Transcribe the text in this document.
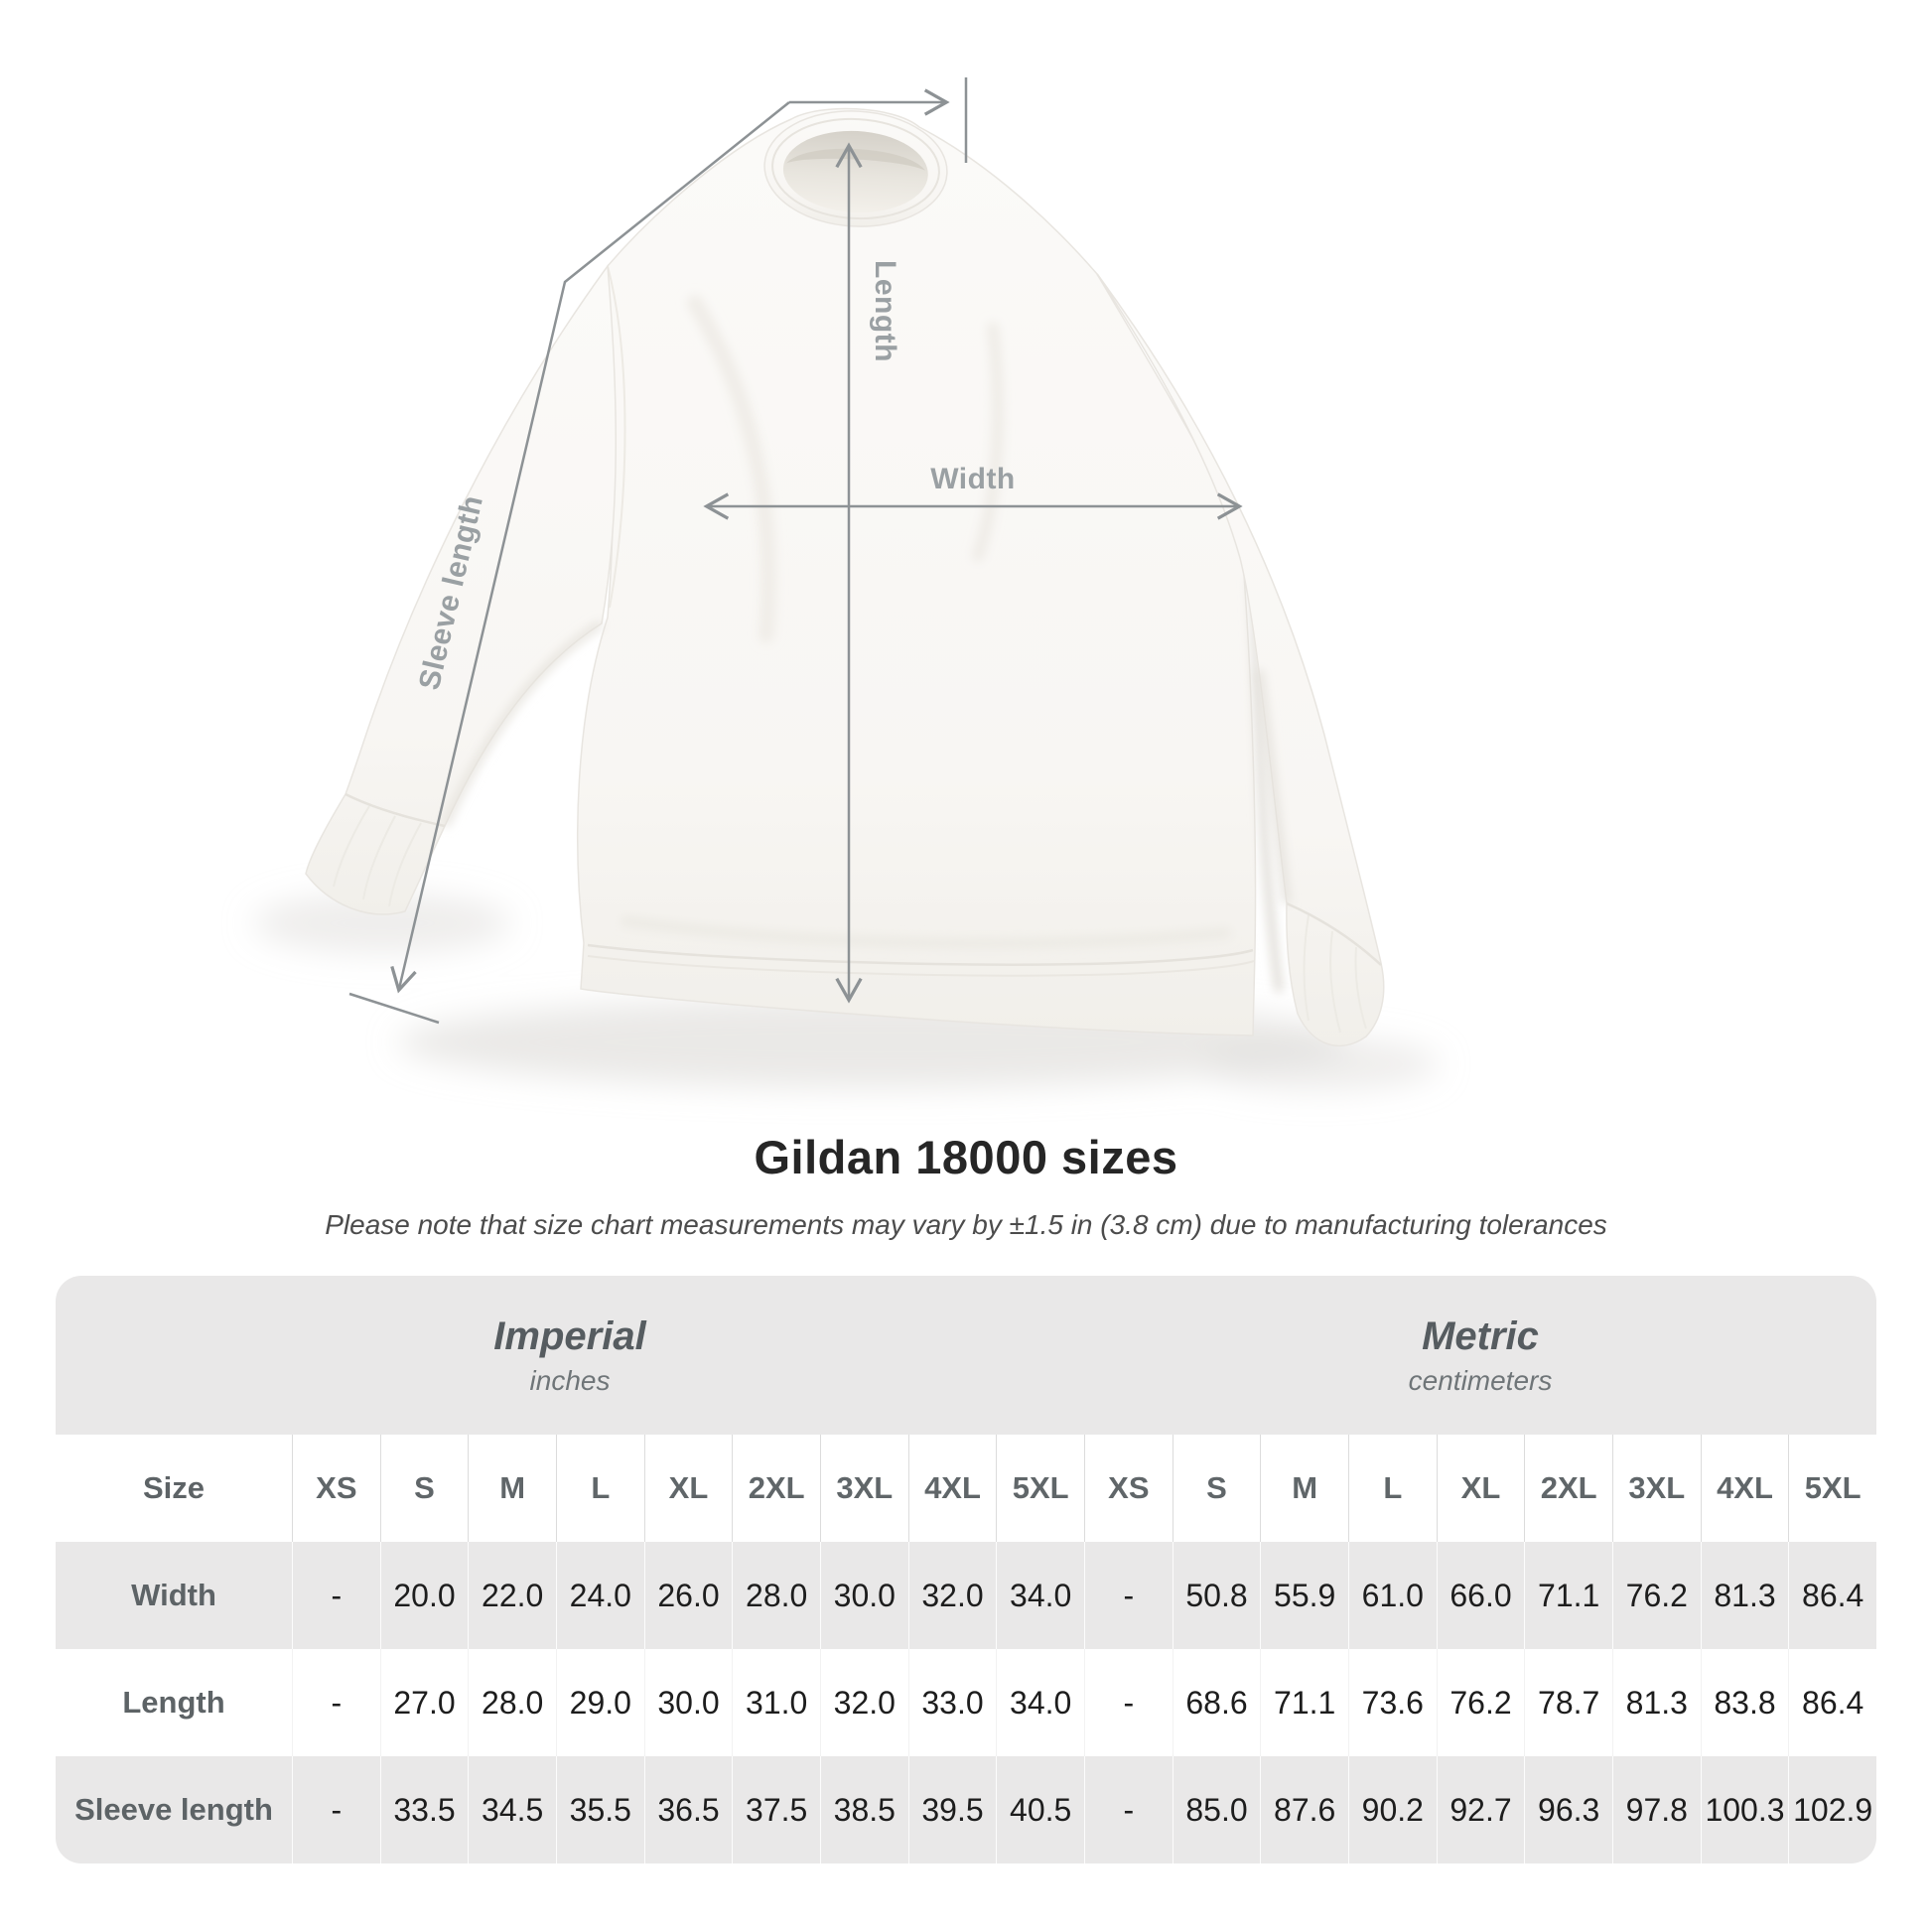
Length
Width
Sleeve length
Gildan 18000 sizes
Please note that size chart measurements may vary by ±1.5 in (3.8 cm) due to manufacturing tolerances
Imperial
inches
Metric
centimeters
Size	XS	S	M	L	XL	2XL	3XL	4XL	5XL	XS	S	M	L	XL	2XL	3XL	4XL	5XL
Width	-	20.0 22.0 24.0 26.0 28.0 30.0 32.0 34.0	-	50.8 55.9 61.0 66.0 71.1 76.2 81.3 86.4
Length	-	27.0 28.0 29.0 30.0 31.0 32.0 33.0 34.0	-	68.6 71.1 73.6 76.2 78.7 81.3 83.8 86.4
Sleeve length	-	33.5 34.5 35.5 36.5 37.5 38.5 39.5 40.5	-	85.0 87.6 90.2 92.7 96.3 97.8 100.3 102.9
